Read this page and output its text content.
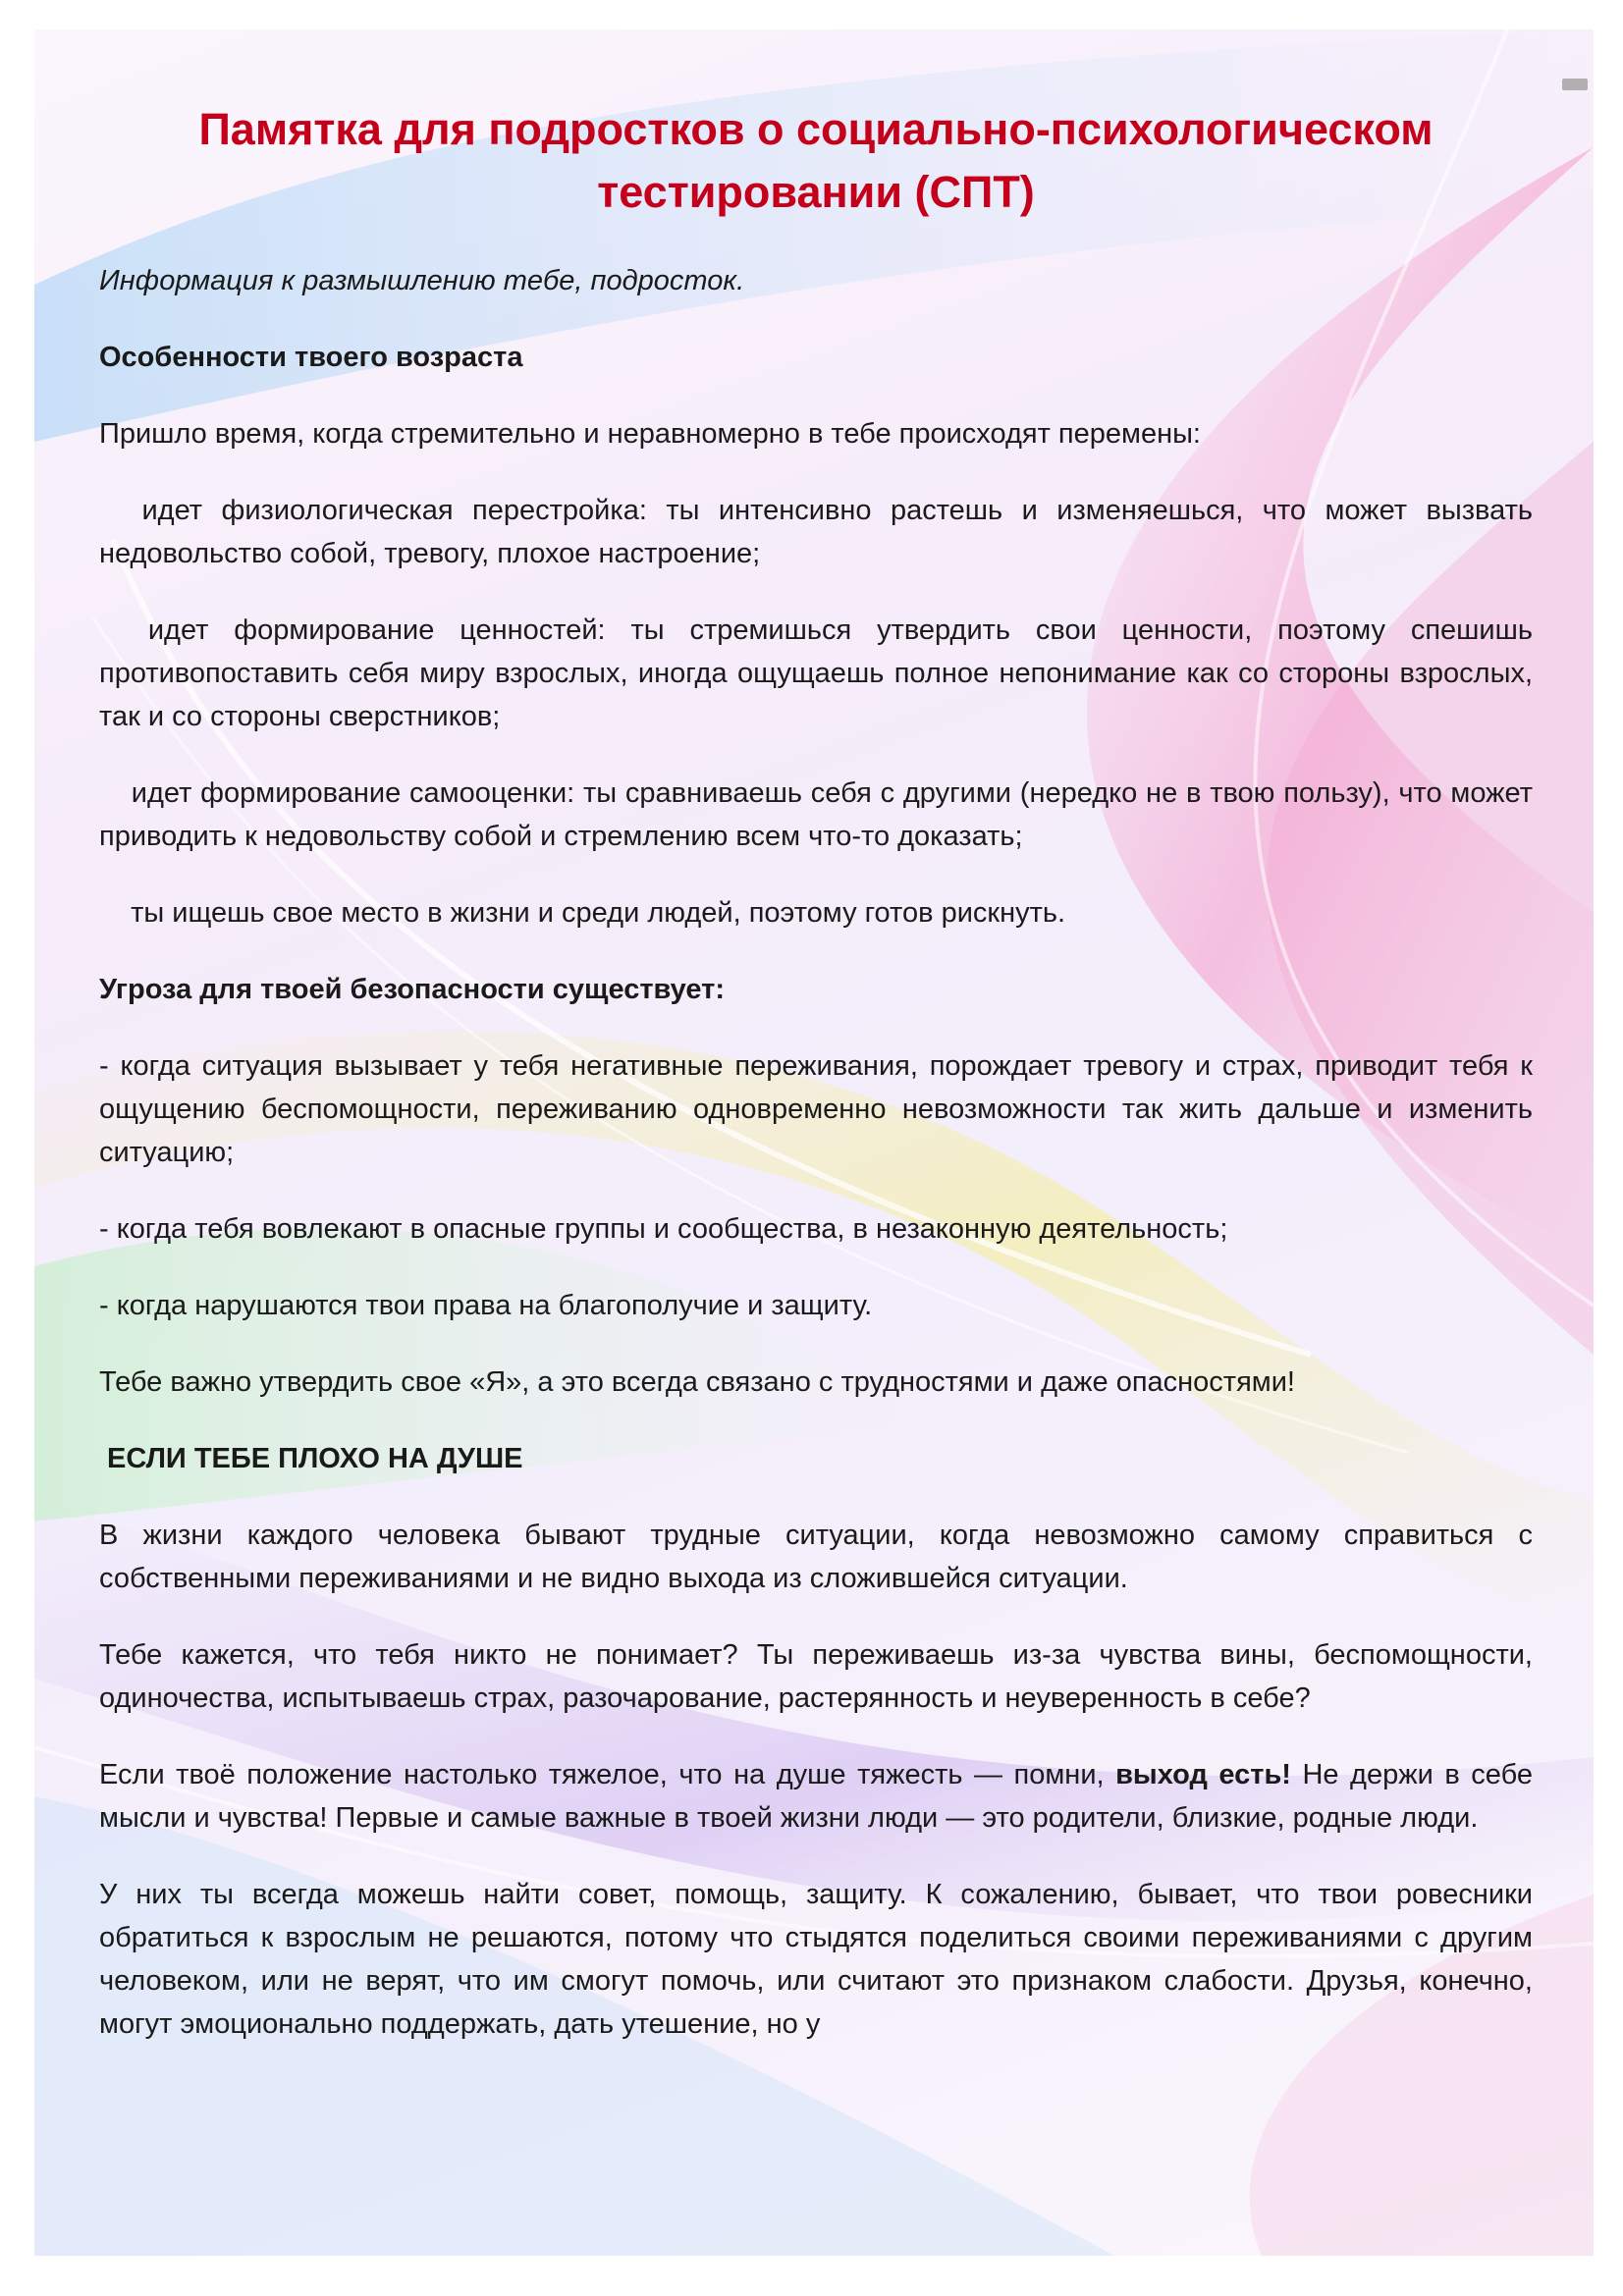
Памятка для подростков о социально-психологическом тестировании (СПТ)

Информация к размышлению тебе, подросток.

Особенности твоего возраста

Пришло время, когда стремительно и неравномерно в тебе происходят перемены:

идет физиологическая перестройка: ты интенсивно растешь и изменяешься, что может вызвать недовольство собой, тревогу, плохое настроение;

идет формирование ценностей: ты стремишься утвердить свои ценности, поэтому спешишь противопоставить себя миру взрослых, иногда ощущаешь полное непонимание как со стороны взрослых, так и со стороны сверстников;

идет формирование самооценки: ты сравниваешь себя с другими (нередко не в твою пользу), что может приводить к недовольству собой и стремлению всем что-то доказать;

ты ищешь свое место в жизни и среди людей, поэтому готов рискнуть.

Угроза для твоей безопасности существует:

- когда ситуация вызывает у тебя негативные переживания, порождает тревогу и страх, приводит тебя к ощущению беспомощности, переживанию одновременно невозможности так жить дальше и изменить ситуацию;

- когда тебя вовлекают в опасные группы и сообщества, в незаконную деятельность;

- когда нарушаются твои права на благополучие и защиту.

Тебе важно утвердить свое «Я», а это всегда связано с трудностями и даже опасностями!

ЕСЛИ ТЕБЕ ПЛОХО НА ДУШЕ

В жизни каждого человека бывают трудные ситуации, когда невозможно самому справиться с собственными переживаниями и не видно выхода из сложившейся ситуации.

Тебе кажется, что тебя никто не понимает? Ты переживаешь из-за чувства вины, беспомощности, одиночества, испытываешь страх, разочарование, растерянность и неуверенность в себе?

Если твоё положение настолько тяжелое, что на душе тяжесть — помни, выход есть! Не держи в себе мысли и чувства! Первые и самые важные в твоей жизни люди — это родители, близкие, родные люди.

У них ты всегда можешь найти совет, помощь, защиту. К сожалению, бывает, что твои ровесники обратиться к взрослым не решаются, потому что стыдятся поделиться своими переживаниями с другим человеком, или не верят, что им смогут помочь, или считают это признаком слабости. Друзья, конечно, могут эмоционально поддержать, дать утешение, но у
